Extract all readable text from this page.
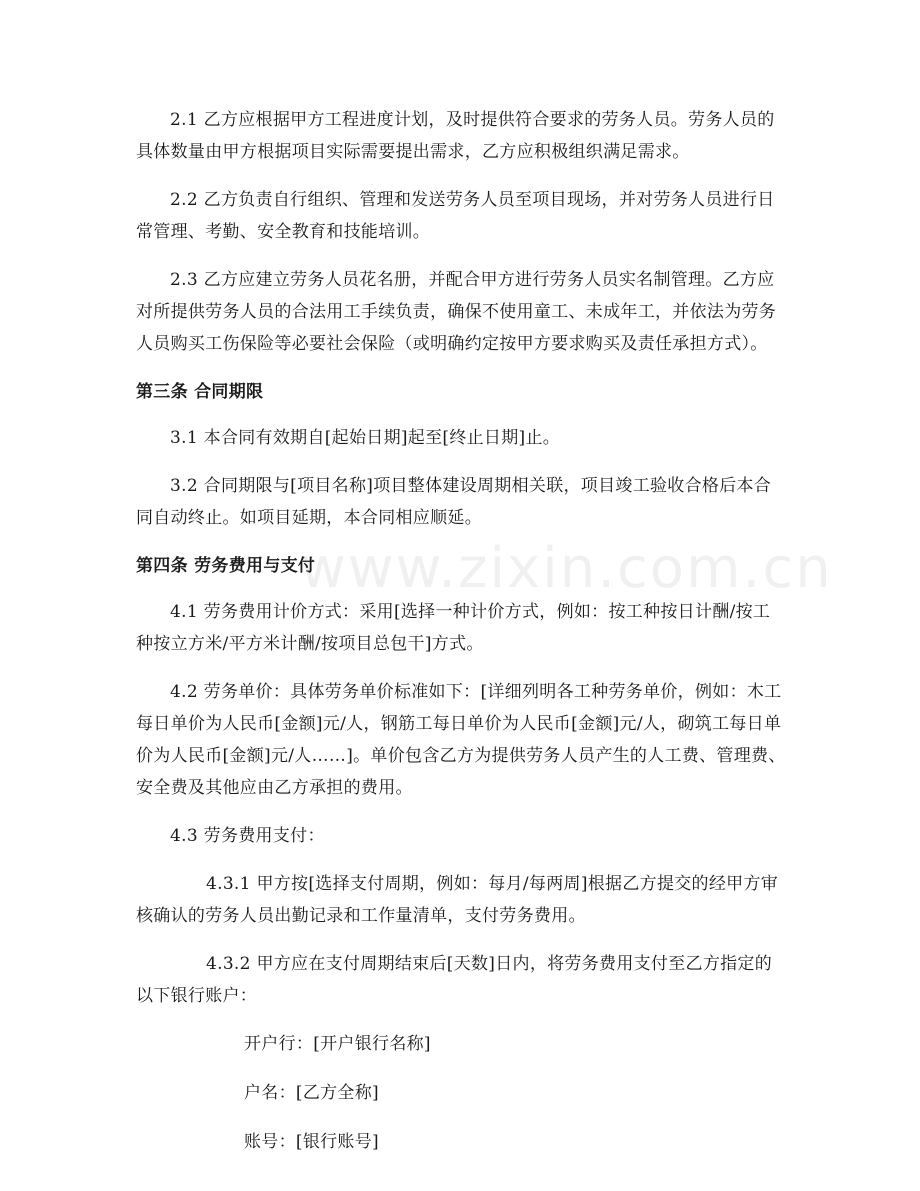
www.zixin.com.cn

2.1 乙方应根据甲方工程进度计划，及时提供符合要求的劳务人员。劳务人员的具体数量由甲方根据项目实际需要提出需求，乙方应积极组织满足需求。

2.2 乙方负责自行组织、管理和发送劳务人员至项目现场，并对劳务人员进行日常管理、考勤、安全教育和技能培训。

2.3 乙方应建立劳务人员花名册，并配合甲方进行劳务人员实名制管理。乙方应对所提供劳务人员的合法用工手续负责，确保不使用童工、未成年工，并依法为劳务人员购买工伤保险等必要社会保险（或明确约定按甲方要求购买及责任承担方式）。

第三条 合同期限

3.1 本合同有效期自[起始日期]起至[终止日期]止。

3.2 合同期限与[项目名称]项目整体建设周期相关联，项目竣工验收合格后本合同自动终止。如项目延期，本合同相应顺延。

第四条 劳务费用与支付

4.1 劳务费用计价方式：采用[选择一种计价方式，例如：按工种按日计酬/按工种按立方米/平方米计酬/按项目总包干]方式。

4.2 劳务单价：具体劳务单价标准如下：[详细列明各工种劳务单价，例如：木工每日单价为人民币[金额]元/人，钢筋工每日单价为人民币[金额]元/人，砌筑工每日单价为人民币[金额]元/人……]。单价包含乙方为提供劳务人员产生的人工费、管理费、安全费及其他应由乙方承担的费用。

4.3 劳务费用支付：

4.3.1 甲方按[选择支付周期，例如：每月/每两周]根据乙方提交的经甲方审核确认的劳务人员出勤记录和工作量清单，支付劳务费用。

4.3.2 甲方应在支付周期结束后[天数]日内，将劳务费用支付至乙方指定的以下银行账户：

开户行：[开户银行名称]

户名：[乙方全称]

账号：[银行账号]
